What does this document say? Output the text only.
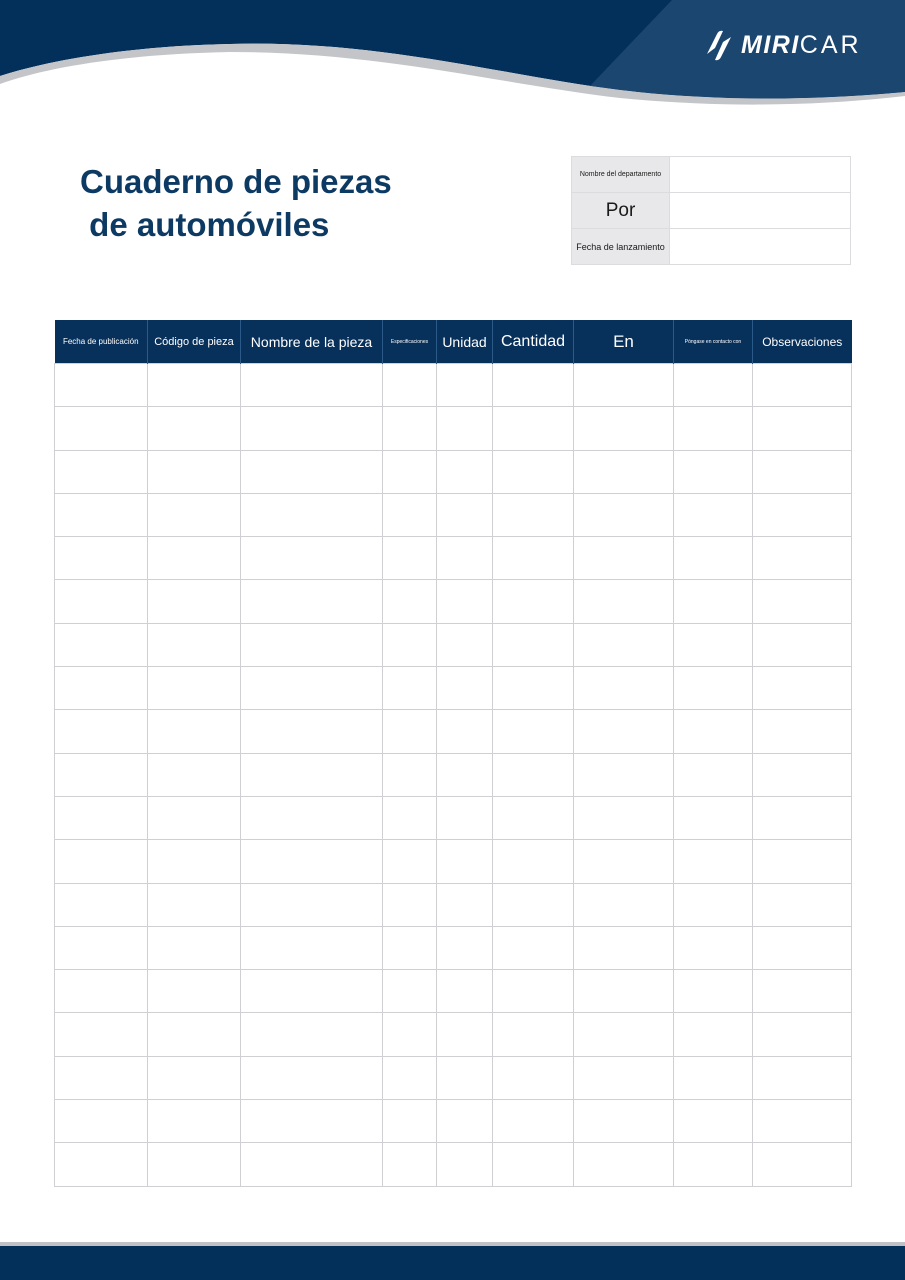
MIRICAR
Cuaderno de piezas
de automóviles
Nombre del departamento	
Por	
Fecha de lanzamiento	
Fecha de publicación	Código de pieza	Nombre de la pieza	Especificaciones	Unidad	Cantidad	En	Póngase en contacto con	Observaciones
